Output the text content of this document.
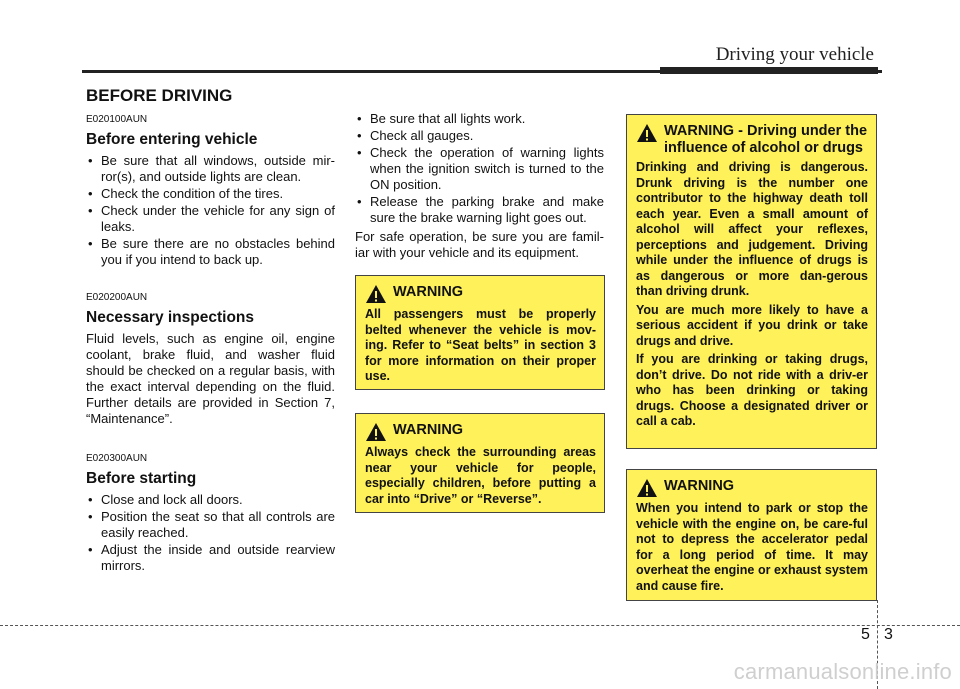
Driving your vehicle
BEFORE DRIVING
E020100AUN
Before entering vehicle
• Be sure that all windows, outside mir-ror(s), and outside lights are clean.
• Check the condition of the tires.
• Check under the vehicle for any sign of leaks.
• Be sure there are no obstacles behind you if you intend to back up.
E020200AUN
Necessary inspections

Fluid levels, such as engine oil, engine coolant, brake fluid, and washer fluid should be checked on a regular basis, with the exact interval depending on the fluid. Further details are provided in Section 7, “Maintenance”.

E020300AUN
Before starting
• Close and lock all doors.
• Position the seat so that all controls are easily reached.
• Adjust the inside and outside rearview mirrors.
• Be sure that all lights work.
• Check all gauges.
• Check the operation of warning lights when the ignition switch is turned to the ON position.
• Release the parking brake and make sure the brake warning light goes out.

For safe operation, be sure you are famil-iar with your vehicle and its equipment.

WARNING

All passengers must be properly belted whenever the vehicle is mov-ing. Refer to “Seat belts” in section 3 for more information on their proper use.

WARNING

Always check the surrounding areas near your vehicle for people, especially children, before putting a car into “Drive” or “Reverse”.

WARNING - Driving under the influence of alcohol or drugs

Drinking and driving is dangerous. Drunk driving is the number one contributor to the highway death toll each year. Even a small amount of alcohol will affect your reflexes, perceptions and judgement. Driving while under the influence of drugs is as dangerous or more dan-gerous than driving drunk.

You are much more likely to have a serious accident if you drink or take drugs and drive.

If you are drinking or taking drugs, don’t drive. Do not ride with a driv-er who has been drinking or taking drugs. Choose a designated driver or call a cab.

WARNING

When you intend to park or stop the vehicle with the engine on, be care-ful not to depress the accelerator pedal for a long period of time. It may overheat the engine or exhaust system and cause fire.

5 3
carmanualsonline.info
